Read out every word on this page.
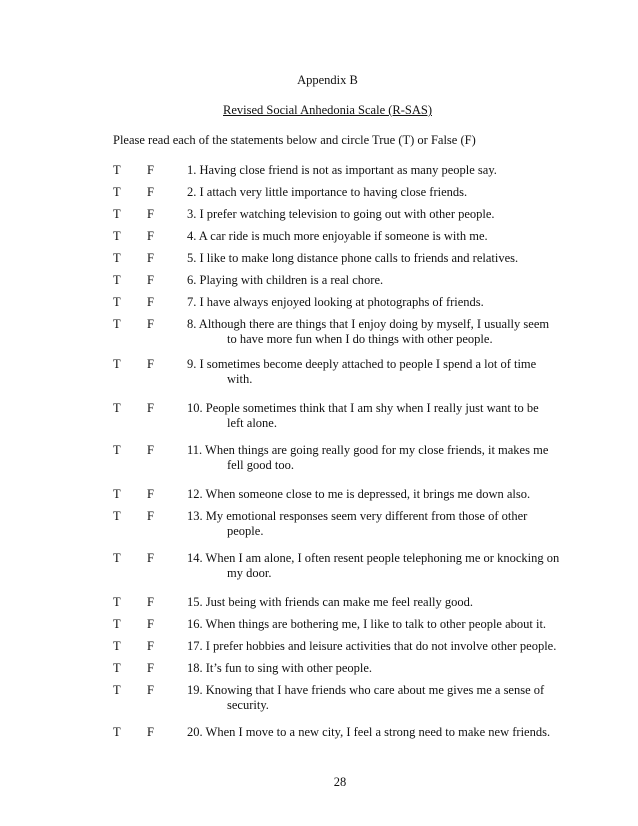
Appendix B
Revised Social Anhedonia Scale (R-SAS)
Please read each of the statements below and circle True (T) or False (F)
T F	1. Having close friend is not as important as many people say.
T F	2. I attach very little importance to having close friends.
T F	3. I prefer watching television to going out with other people.
T F	4. A car ride is much more enjoyable if someone is with me.
T F	5. I like to make long distance phone calls to friends and relatives.
T F	6. Playing with children is a real chore.
T F	7. I have always enjoyed looking at photographs of friends.
T F	8. Although there are things that I enjoy doing by myself, I usually seem
to have more fun when I do things with other people.
T F	9. I sometimes become deeply attached to people I spend a lot of time
with.
T F	10. People sometimes think that I am shy when I really just want to be
left alone.
T F	11. When things are going really good for my close friends, it makes me
fell good too.
T F	12. When someone close to me is depressed, it brings me down also.
T F	13. My emotional responses seem very different from those of other
people.
T F	14. When I am alone, I often resent people telephoning me or knocking on
my door.
T F	15. Just being with friends can make me feel really good.
T F	16. When things are bothering me, I like to talk to other people about it.
T F	17. I prefer hobbies and leisure activities that do not involve other people.
T F	18. It’s fun to sing with other people.
T F	19. Knowing that I have friends who care about me gives me a sense of
security.
T F	20. When I move to a new city, I feel a strong need to make new friends.
28
